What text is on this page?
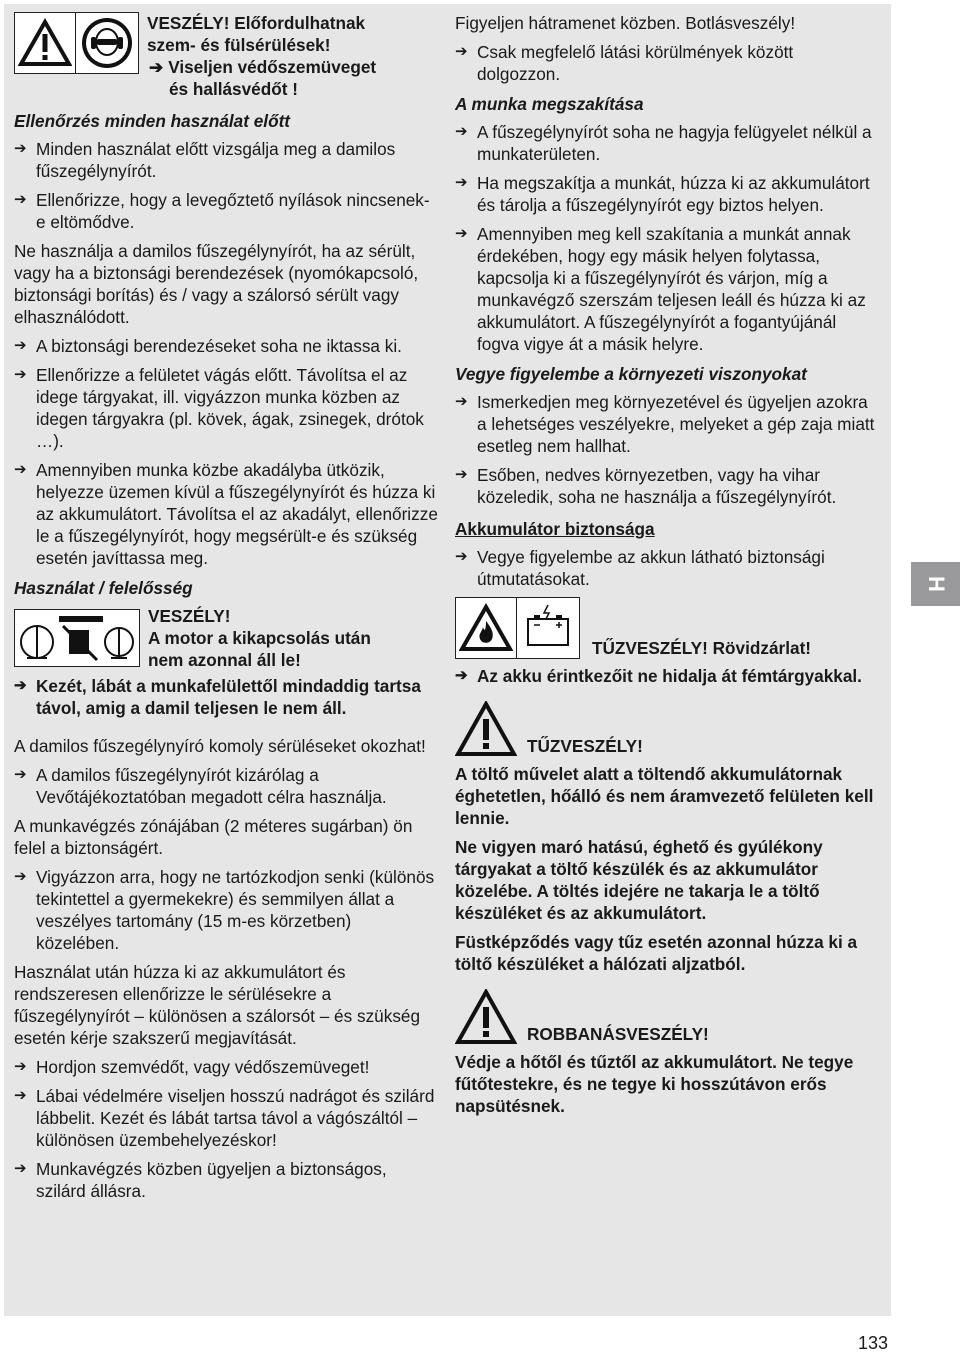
VESZÉLY! Előfordulhatnak

szem- és fülsérülések!

➔ Viseljen védőszemüveget

és hallásvédőt !

Ellenőrzés minden használat előtt

➔ Minden használat előtt vizsgálja meg a damilos fűszegélynyírót.
➔ Ellenőrizze, hogy a levegőztető nyílások nincsenek-e eltömődve.

Ne használja a damilos fűszegélynyírót, ha az sérült, vagy ha a biztonsági berendezések (nyomókapcsoló, biztonsági borítás) és / vagy a szálorsó sérült vagy elhasználódott.

➔ A biztonsági berendezéseket soha ne iktassa ki.
➔ Ellenőrizze a felületet vágás előtt. Távolítsa el az idege tárgyakat, ill. vigyázzon munka közben az idegen tárgyakra (pl. kövek, ágak, zsinegek, drótok …).
➔ Amennyiben munka közbe akadályba ütközik, helyezze üzemen kívül a fűszegélynyírót és húzza ki az akkumulátort. Távolítsa el az akadályt, ellenőrizze le a fűszegélynyírót, hogy megsérült-e és szükség esetén javíttassa meg.

Használat / felelősség

VESZÉLY!

A motor a kikapcsolás után

nem azonnal áll le!

➔ Kezét, lábát a munkafelülettől mindaddig tartsa távol, amig a damil teljesen le nem áll.

A damilos fűszegélynyíró komoly sérüléseket okozhat!

➔ A damilos fűszegélynyírót kizárólag a Vevőtájékoztatóban megadott célra használja.

A munkavégzés zónájában (2 méteres sugárban) ön felel a biztonságért.

➔ Vigyázzon arra, hogy ne tartózkodjon senki (különös tekintettel a gyermekekre) és semmilyen állat a veszélyes tartomány (15 m-es körzetben) közelében.

Használat után húzza ki az akkumulátort és rendszeresen ellenőrizze le sérülésekre a fűszegélynyírót – különösen a szálorsót – és szükség esetén kérje szakszerű megjavítását.

➔ Hordjon szemvédőt, vagy védőszemüveget!
➔ Lábai védelmére viseljen hosszú nadrágot és szilárd lábbelit. Kezét és lábát tartsa távol a vágószáltól – különösen üzembehelyezéskor!
➔ Munkavégzés közben ügyeljen a biztonságos, szilárd állásra.

Figyeljen hátramenet közben. Botlásveszély!

➔ Csak megfelelő látási körülmények között dolgozzon.

A munka megszakítása

➔ A fűszegélynyírót soha ne hagyja felügyelet nélkül a munkaterületen.
➔ Ha megszakítja a munkát, húzza ki az akkumulátort és tárolja a fűszegélynyírót egy biztos helyen.
➔ Amennyiben meg kell szakítania a munkát annak érdekében, hogy egy másik helyen folytassa, kapcsolja ki a fűszegélynyírót és várjon, míg a munkavégző szerszám teljesen leáll és húzza ki az akkumulátort. A fűszegélynyírót a fogantyújánál fogva vigye át a másik helyre.

Vegye figyelembe a környezeti viszonyokat

➔ Ismerkedjen meg környezetével és ügyeljen azokra a lehetséges veszélyekre, melyeket a gép zaja miatt esetleg nem hallhat.
➔ Esőben, nedves környezetben, vagy ha vihar közeledik, soha ne használja a fűszegélynyírót.

Akkumulátor biztonsága

➔ Vegye figyelembe az akkun látható biztonsági útmutatásokat.

TŰZVESZÉLY! Rövidzárlat!

➔ Az akku érintkezőit ne hidalja át fémtárgyakkal.

TŰZVESZÉLY!

A töltő művelet alatt a töltendő akkumulátornak éghetetlen, hőálló és nem áramvezető felületen kell lennie.

Ne vigyen maró hatású, éghető és gyúlékony tárgyakat a töltő készülék és az akkumulátor közelébe. A töltés idejére ne takarja le a töltő készüléket és az akkumulátort.

Füstképződés vagy tűz esetén azonnal húzza ki a töltő készüléket a hálózati aljzatból.

ROBBANÁSVESZÉLY!

Védje a hőtől és tűztől az akkumulátort. Ne tegye fűtőtestekre, és ne tegye ki hosszútávon erős napsütésnek.

H
133
